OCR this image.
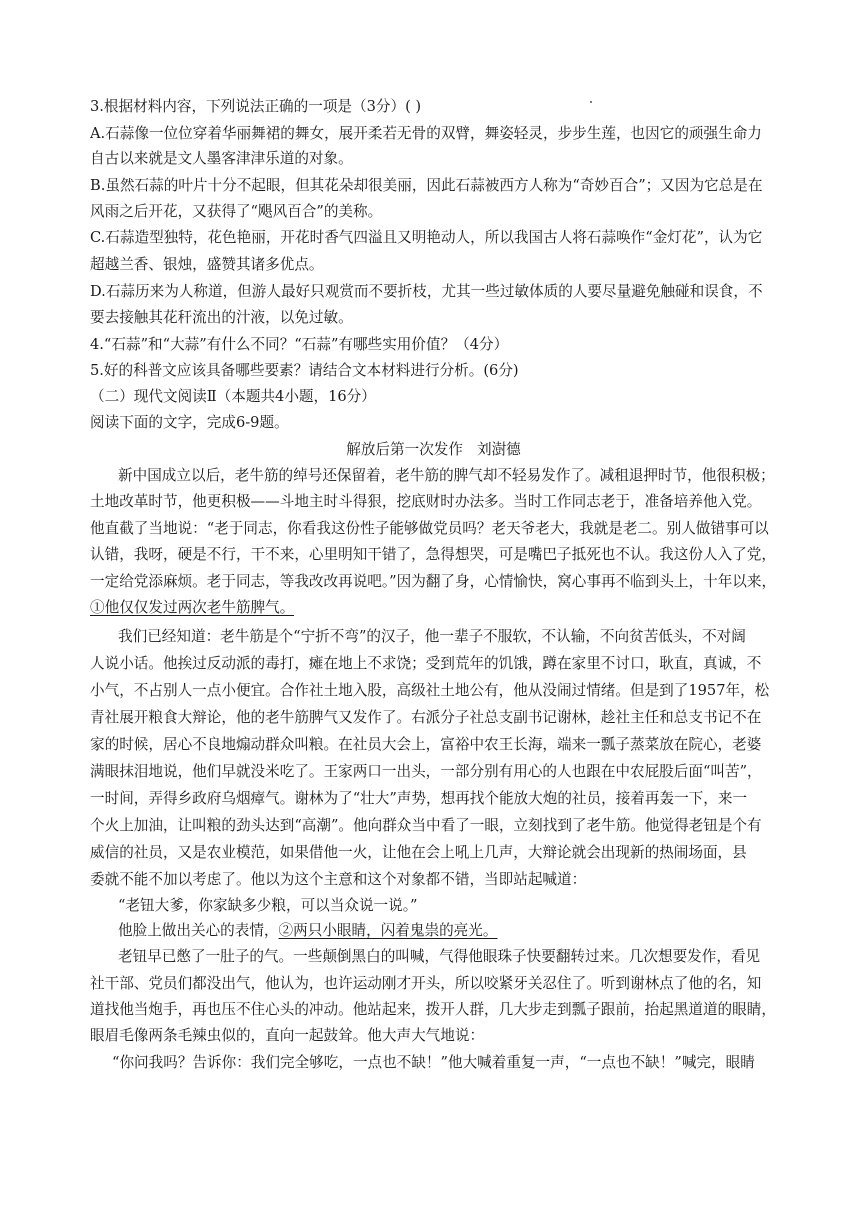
3.根据材料内容，下列说法正确的一项是（3分）( )
A.石蒜像一位位穿着华丽舞裙的舞女，展开柔若无骨的双臂，舞姿轻灵，步步生莲，也因它的顽强生命力
自古以来就是文人墨客津津乐道的对象。
B.虽然石蒜的叶片十分不起眼，但其花朵却很美丽，因此石蒜被西方人称为“奇妙百合”；又因为它总是在
风雨之后开花，又获得了“飓风百合”的美称。
C.石蒜造型独特，花色艳丽，开花时香气四溢且又明艳动人，所以我国古人将石蒜唤作“金灯花”，认为它
超越兰香、银烛，盛赞其诸多优点。
D.石蒜历来为人称道，但游人最好只观赏而不要折枝，尤其一些过敏体质的人要尽量避免触碰和误食，不
要去接触其花秆流出的汁液，以免过敏。
4.“石蒜”和“大蒜”有什么不同？“石蒜”有哪些实用价值？（4分）
5.好的科普文应该具备哪些要素？请结合文本材料进行分析。(6分)
（二）现代文阅读Ⅱ（本题共4小题，16分）
阅读下面的文字，完成6-9题。
解放后第一次发作 刘澍德
新中国成立以后，老牛筋的绰号还保留着，老牛筋的脾气却不轻易发作了。减租退押时节，他很积极；
土地改革时节，他更积极——斗地主时斗得狠，挖底财时办法多。当时工作同志老于，准备培养他入党。
他直截了当地说：“老于同志，你看我这份性子能够做党员吗？老天爷老大，我就是老二。别人做错事可以
认错，我呀，硬是不行，干不来，心里明知干错了，急得想哭，可是嘴巴子抵死也不认。我这份人入了党，
一定给党添麻烦。老于同志，等我改改再说吧。”因为翻了身，心情愉快，窝心事再不临到头上，十年以来，
①他仅仅发过两次老牛筋脾气。
我们已经知道：老牛筋是个“宁折不弯”的汉子，他一辈子不服软，不认输，不向贫苦低头，不对阔
人说小话。他挨过反动派的毒打，瘫在地上不求饶；受到荒年的饥饿，蹲在家里不讨口，耿直，真诚，不
小气，不占别人一点小便宜。合作社土地入股，高级社土地公有，他从没闹过情绪。但是到了1957年，松
青社展开粮食大辩论，他的老牛筋脾气又发作了。右派分子社总支副书记谢林，趁社主任和总支书记不在
家的时候，居心不良地煽动群众叫粮。在社员大会上，富裕中农王长海，端来一瓢子蒸菜放在院心，老婆
满眼抹泪地说，他们早就没米吃了。王家两口一出头，一部分别有用心的人也跟在中农屁股后面“叫苦”，
一时间，弄得乡政府乌烟瘴气。谢林为了“壮大”声势，想再找个能放大炮的社员，接着再轰一下，来一
个火上加油，让叫粮的劲头达到“高潮”。他向群众当中看了一眼，立刻找到了老牛筋。他觉得老钮是个有
威信的社员，又是农业模范，如果借他一火，让他在会上吼上几声，大辩论就会出现新的热闹场面，县
委就不能不加以考虑了。他以为这个主意和这个对象都不错，当即站起喊道：
“老钮大爹，你家缺多少粮，可以当众说一说。”
他脸上做出关心的表情，②两只小眼睛，闪着鬼祟的亮光。
老钮早已憋了一肚子的气。一些颠倒黑白的叫喊，气得他眼珠子快要翻转过来。几次想要发作，看见
社干部、党员们都没出气，他认为，也许运动刚才开头，所以咬紧牙关忍住了。听到谢林点了他的名，知
道找他当炮手，再也压不住心头的冲动。他站起来，拨开人群，几大步走到瓢子跟前，抬起黑道道的眼睛，
眼眉毛像两条毛辣虫似的，直向一起鼓耸。他大声大气地说：
“你问我吗？告诉你：我们完全够吃，一点也不缺！”他大喊着重复一声，“一点也不缺！”喊完，眼睛
